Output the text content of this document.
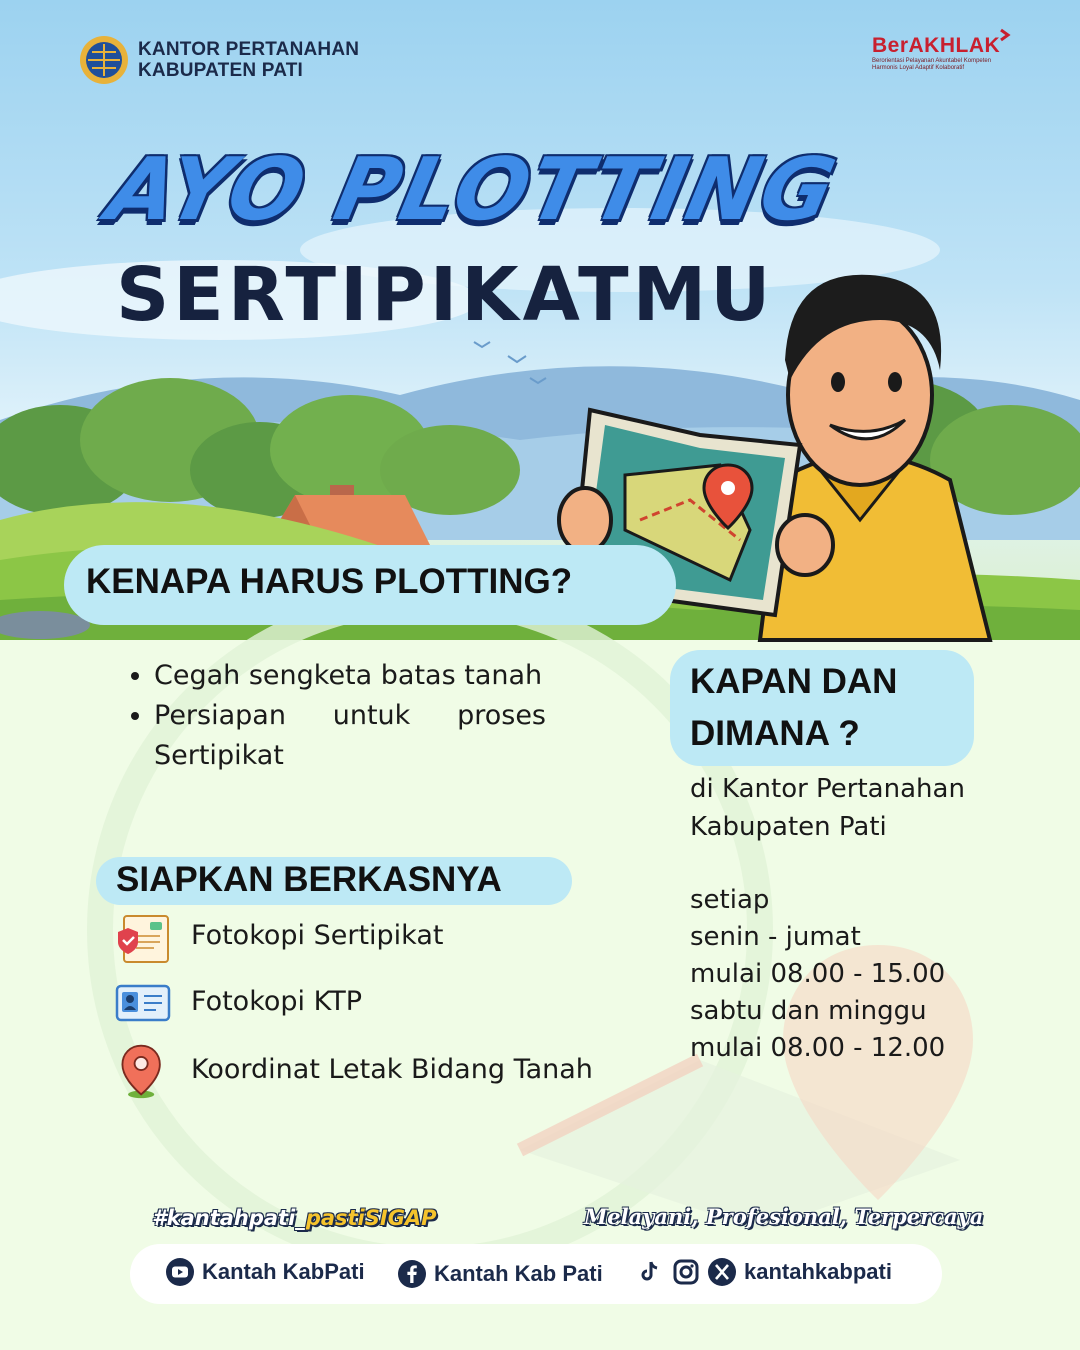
KANTOR PERTANAHAN
KABUPATEN PATI
BerAKHLAK
Berorientasi Pelayanan Akuntabel Kompeten
Harmonis Loyal Adaptif Kolaboratif
AYO PLOTTING
SERTIPIKATMU
KENAPA HARUS PLOTTING?
• Cegah sengketa batas tanah
• Persiapan untuk proses Sertipikat
SIAPKAN BERKASNYA
Fotokopi Sertipikat
Fotokopi KTP
Koordinat Letak Bidang Tanah
KAPAN DAN
DIMANA ?
di Kantor Pertanahan
Kabupaten Pati
setiap
senin - jumat
mulai 08.00 - 15.00
sabtu dan minggu
mulai 08.00 - 12.00
#kantahpati_pastiSIGAP	Melayani, Profesional, Terpercaya
Kantah KabPati	Kantah Kab Pati	kantahkabpati
